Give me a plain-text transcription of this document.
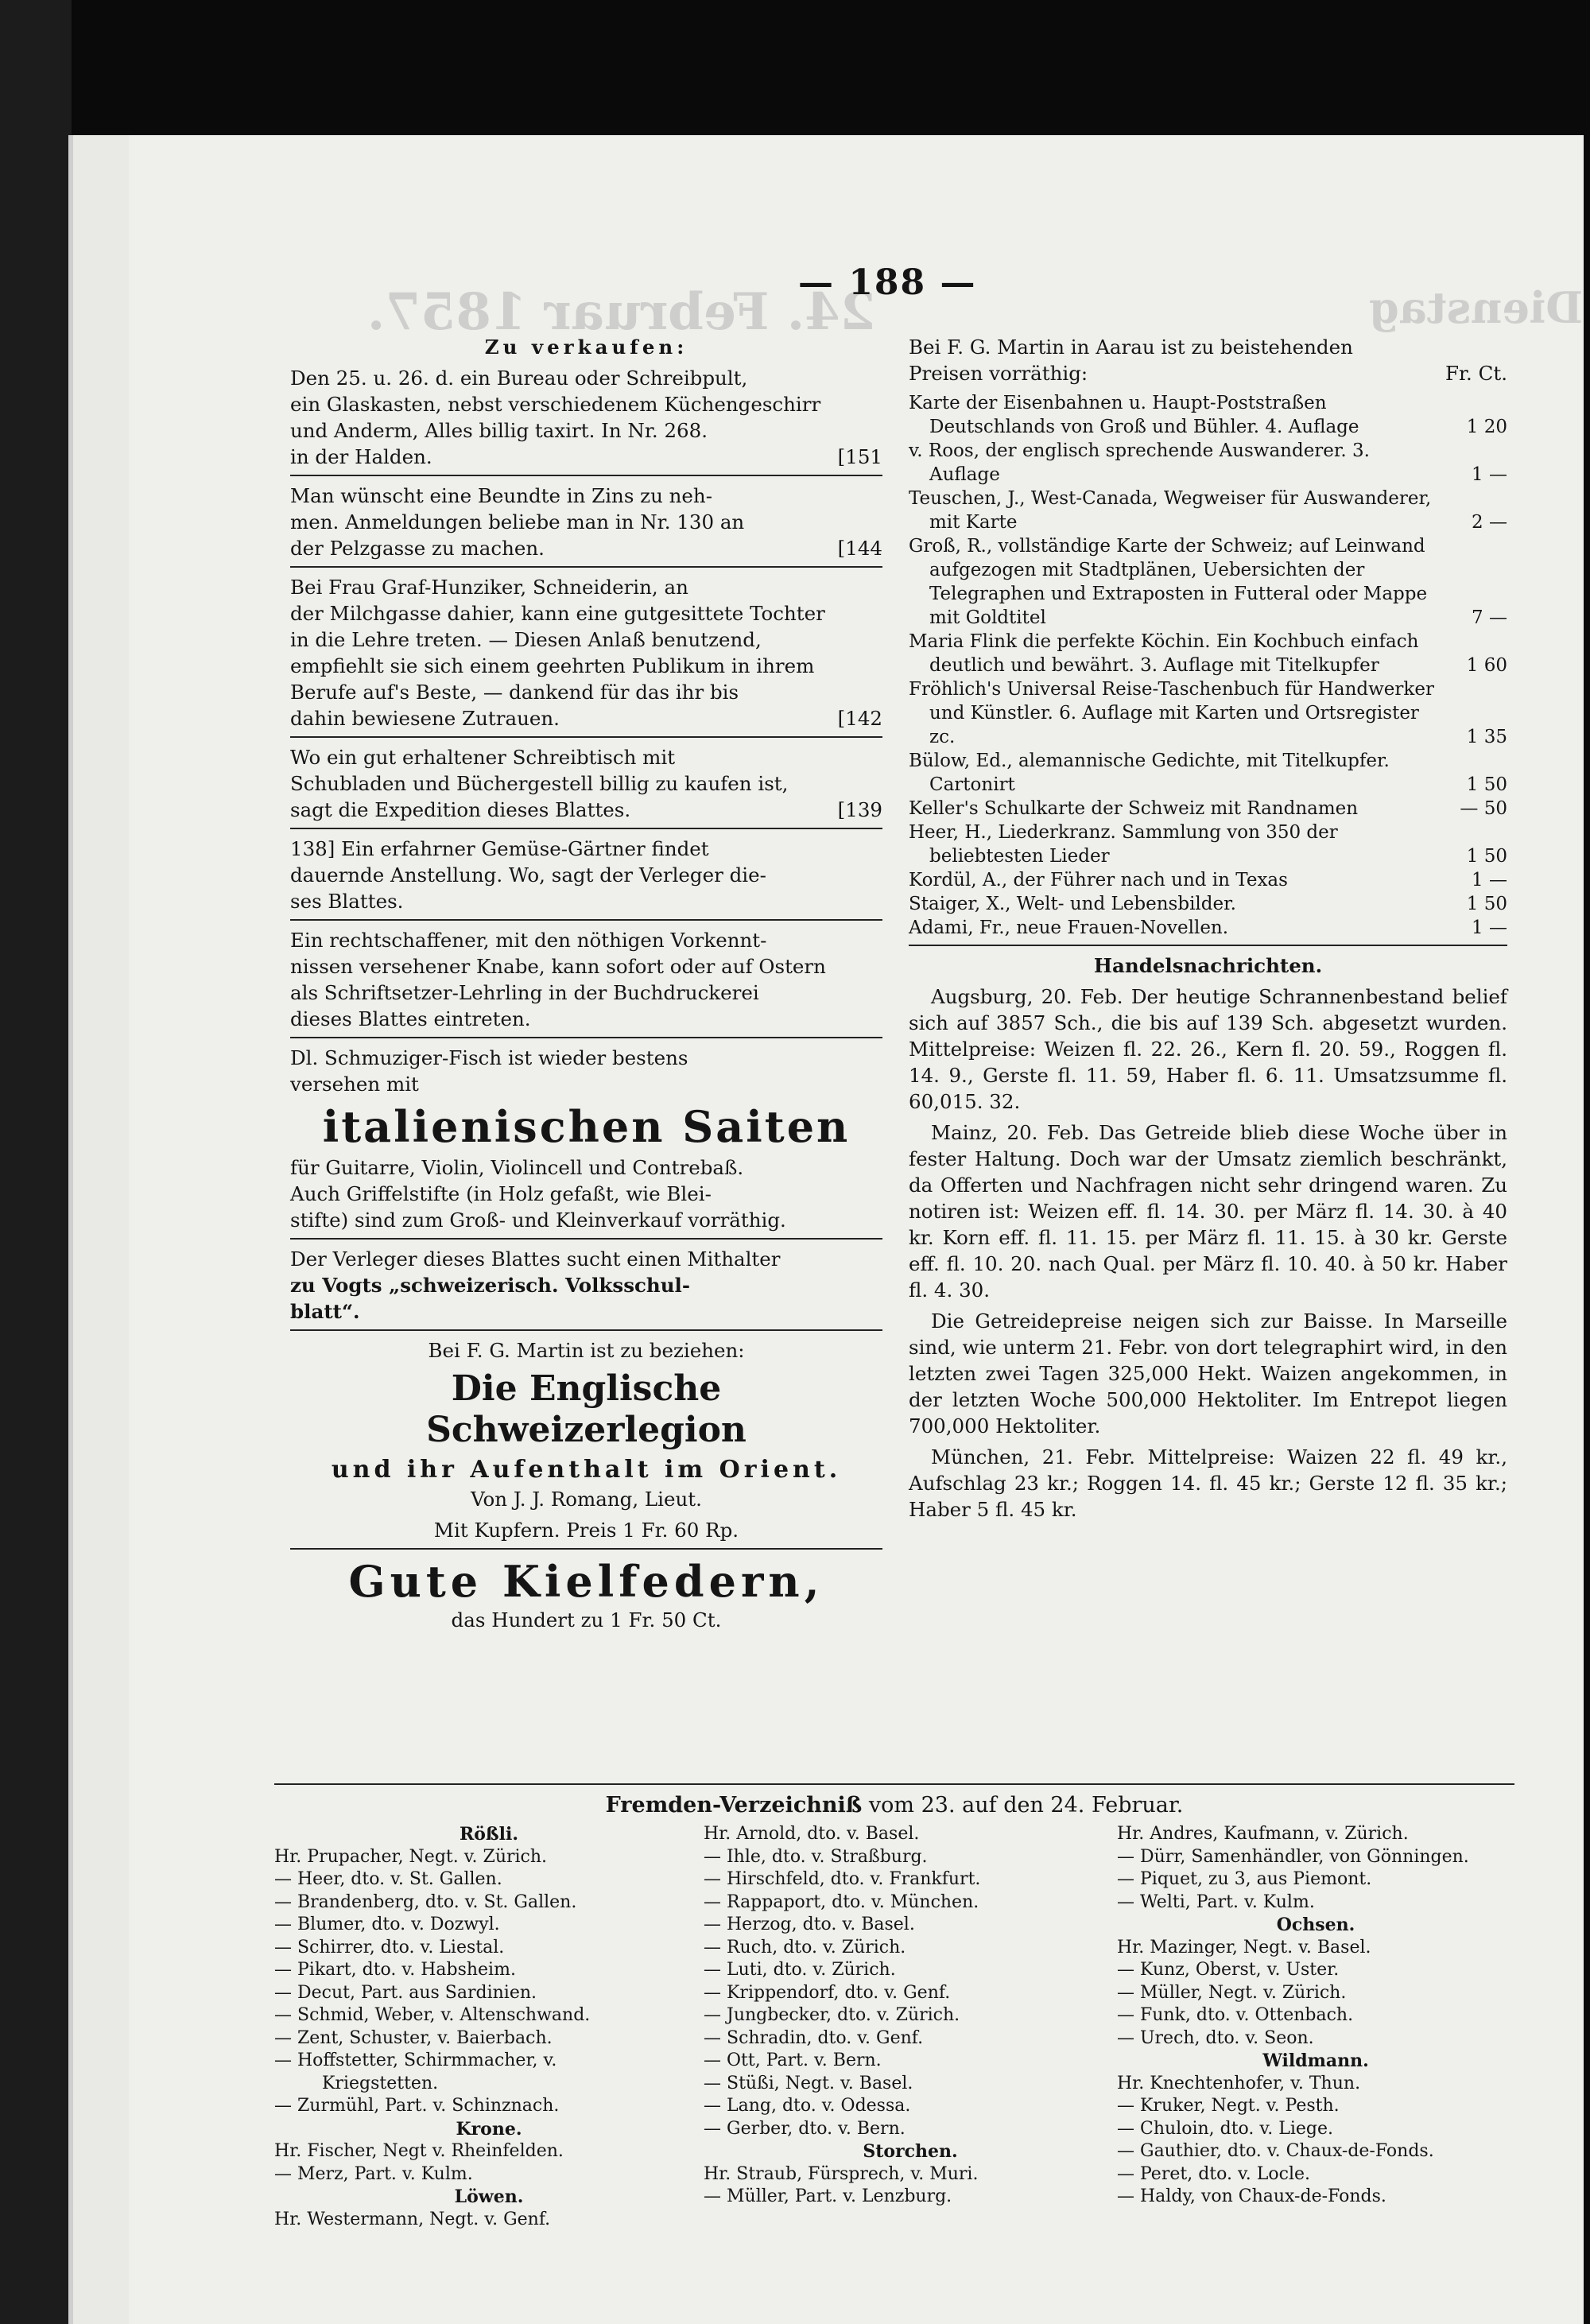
24. Februar 1857.	Dienstag
— 188 —
Zu verkaufen:
Den 25. u. 26. d. ein Bureau oder Schreibpult,
ein Glaskasten, nebst verschiedenem Küchengeschirr
und Anderm, Alles billig taxirt. In Nr. 268.
in der Halden.	[151
Man wünscht eine Beundte in Zins zu neh-
men. Anmeldungen beliebe man in Nr. 130 an
der Pelzgasse zu machen.	[144
Bei Frau Graf-Hunziker, Schneiderin, an
der Milchgasse dahier, kann eine gutgesittete Tochter
in die Lehre treten. — Diesen Anlaß benutzend,
empfiehlt sie sich einem geehrten Publikum in ihrem
Berufe auf's Beste, — dankend für das ihr bis
dahin bewiesene Zutrauen.	[142
Wo ein gut erhaltener Schreibtisch mit
Schubladen und Büchergestell billig zu kaufen ist,
sagt die Expedition dieses Blattes.	[139
138] Ein erfahrner Gemüse-Gärtner findet
dauernde Anstellung. Wo, sagt der Verleger die-
ses Blattes.
Ein rechtschaffener, mit den nöthigen Vorkennt-
nissen versehener Knabe, kann sofort oder auf Ostern
als Schriftsetzer-Lehrling in der Buchdruckerei
dieses Blattes eintreten.
Dl. Schmuziger-Fisch ist wieder bestens
versehen mit
italienischen Saiten
für Guitarre, Violin, Violincell und Contrebaß.
Auch Griffelstifte (in Holz gefaßt, wie Blei-
stifte) sind zum Groß- und Kleinverkauf vorräthig.
Der Verleger dieses Blattes sucht einen Mithalter
zu Vogts „schweizerisch. Volksschul-
blatt“.
Bei F. G. Martin ist zu beziehen:
Die Englische Schweizerlegion
und ihr Aufenthalt im Orient.
Von J. J. Romang, Lieut.
Mit Kupfern. Preis 1 Fr. 60 Rp.
Gute Kielfedern,
das Hundert zu 1 Fr. 50 Ct.
Bei F. G. Martin in Aarau ist zu beistehenden
Preisen vorräthig:	Fr. Ct.
Karte der Eisenbahnen u. Haupt-Poststraßen Deutschlands von Groß und Bühler. 4. Auflage	1 20
v. Roos, der englisch sprechende Auswanderer. 3. Auflage	1 —
Teuschen, J., West-Canada, Wegweiser für Auswanderer, mit Karte	2 —
Groß, R., vollständige Karte der Schweiz; auf Leinwand aufgezogen mit Stadtplänen, Uebersichten der Telegraphen und Extraposten in Futteral oder Mappe mit Goldtitel	7 —
Maria Flink die perfekte Köchin. Ein Kochbuch einfach deutlich und bewährt. 3. Auflage mit Titelkupfer	1 60
Fröhlich's Universal Reise-Taschenbuch für Handwerker und Künstler. 6. Auflage mit Karten und Ortsregister zc.	1 35
Bülow, Ed., alemannische Gedichte, mit Titelkupfer. Cartonirt	1 50
Keller's Schulkarte der Schweiz mit Randnamen	— 50
Heer, H., Liederkranz. Sammlung von 350 der beliebtesten Lieder	1 50
Kordül, A., der Führer nach und in Texas	1 —
Staiger, X., Welt- und Lebensbilder.	1 50
Adami, Fr., neue Frauen-Novellen.	1 —
Handelsnachrichten.
Augsburg, 20. Feb. Der heutige Schrannenbestand belief sich auf 3857 Sch., die bis auf 139 Sch. abgesetzt wurden. Mittelpreise: Weizen fl. 22. 26., Kern fl. 20. 59., Roggen fl. 14. 9., Gerste fl. 11. 59, Haber fl. 6. 11. Umsatzsumme fl. 60,015. 32.
Mainz, 20. Feb. Das Getreide blieb diese Woche über in fester Haltung. Doch war der Umsatz ziemlich beschränkt, da Offerten und Nachfragen nicht sehr dringend waren. Zu notiren ist: Weizen eff. fl. 14. 30. per März fl. 14. 30. à 40 kr. Korn eff. fl. 11. 15. per März fl. 11. 15. à 30 kr. Gerste eff. fl. 10. 20. nach Qual. per März fl. 10. 40. à 50 kr. Haber fl. 4. 30.
Die Getreidepreise neigen sich zur Baisse. In Marseille sind, wie unterm 21. Febr. von dort telegraphirt wird, in den letzten zwei Tagen 325,000 Hekt. Waizen angekommen, in der letzten Woche 500,000 Hektoliter. Im Entrepot liegen 700,000 Hektoliter.
München, 21. Febr. Mittelpreise: Waizen 22 fl. 49 kr., Aufschlag 23 kr.; Roggen 14. fl. 45 kr.; Gerste 12 fl. 35 kr.; Haber 5 fl. 45 kr.
Fremden-Verzeichniß vom 23. auf den 24. Februar.
Rößli.
Hr. Prupacher, Negt. v. Zürich.
— Heer, dto. v. St. Gallen.
— Brandenberg, dto. v. St. Gallen.
— Blumer, dto. v. Dozwyl.
— Schirrer, dto. v. Liestal.
— Pikart, dto. v. Habsheim.
— Decut, Part. aus Sardinien.
— Schmid, Weber, v. Altenschwand.
— Zent, Schuster, v. Baierbach.
— Hoffstetter, Schirmmacher, v.
Kriegstetten.
— Zurmühl, Part. v. Schinznach.
Krone.
Hr. Fischer, Negt v. Rheinfelden.
— Merz, Part. v. Kulm.
Löwen.
Hr. Westermann, Negt. v. Genf.
Hr. Arnold, dto. v. Basel.
— Ihle, dto. v. Straßburg.
— Hirschfeld, dto. v. Frankfurt.
— Rappaport, dto. v. München.
— Herzog, dto. v. Basel.
— Ruch, dto. v. Zürich.
— Luti, dto. v. Zürich.
— Krippendorf, dto. v. Genf.
— Jungbecker, dto. v. Zürich.
— Schradin, dto. v. Genf.
— Ott, Part. v. Bern.
— Stüßi, Negt. v. Basel.
— Lang, dto. v. Odessa.
— Gerber, dto. v. Bern.
Storchen.
Hr. Straub, Fürsprech, v. Muri.
— Müller, Part. v. Lenzburg.
Hr. Andres, Kaufmann, v. Zürich.
— Dürr, Samenhändler, von Gönningen.
— Piquet, zu 3, aus Piemont.
— Welti, Part. v. Kulm.
Ochsen.
Hr. Mazinger, Negt. v. Basel.
— Kunz, Oberst, v. Uster.
— Müller, Negt. v. Zürich.
— Funk, dto. v. Ottenbach.
— Urech, dto. v. Seon.
Wildmann.
Hr. Knechtenhofer, v. Thun.
— Kruker, Negt. v. Pesth.
— Chuloin, dto. v. Liege.
— Gauthier, dto. v. Chaux-de-Fonds.
— Peret, dto. v. Locle.
— Haldy, von Chaux-de-Fonds.
